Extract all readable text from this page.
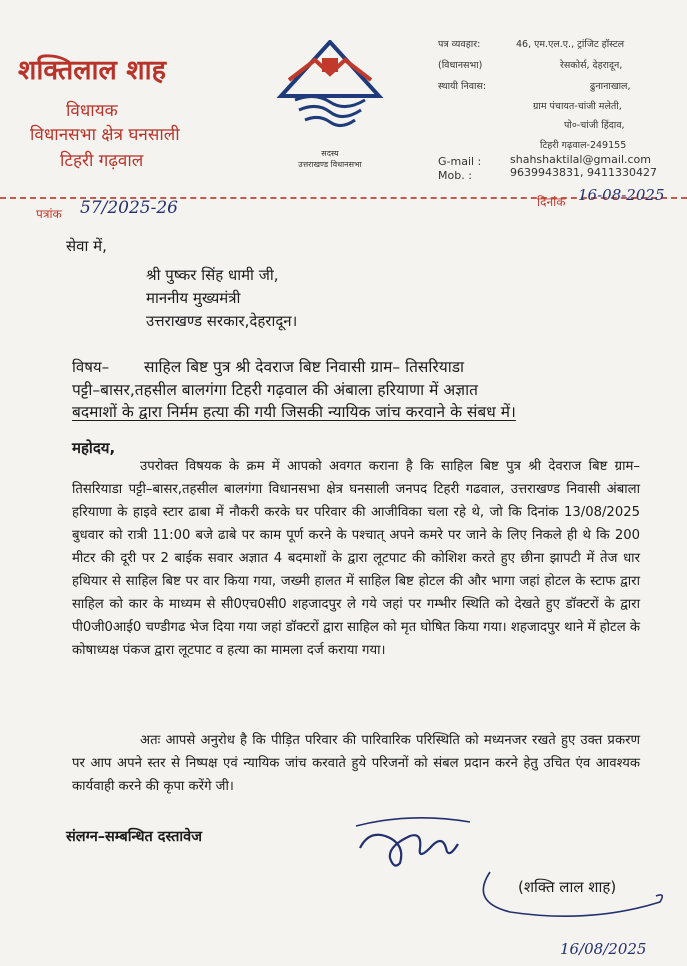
शक्तिलाल शाह
विधायक
विधानसभा क्षेत्र घनसाली
टिहरी गढ़वाल	सदस्य
उत्तराखण्ड विधानसभा
पत्र व्यवहार:	46, एम.एल.ए., ट्रांजिट हॉस्टल
(विधानसभा)	रेसकोर्स, देहरादून,
स्थायी निवास:	ढुनानाखाल,
ग्राम पंचायत-चांजी मलेती,
पो०-चांजी हिंदाव,
टिहरी गढ़वाल-249155
G-mail :	shahshaktilal@gmail.com
Mob. :	9639943831, 9411330427
पत्रांक 57/2025-26	दिनांक 16-08-2025
सेवा में,
श्री पुष्कर सिंह धामी जी,
माननीय मुख्यमंत्री
उत्तराखण्ड सरकार,देहरादून।
विषय– साहिल बिष्ट पुत्र श्री देवराज बिष्ट निवासी ग्राम– तिसरियाडा
पट्टी–बासर,तहसील बालगंगा टिहरी गढ़वाल की अंबाला हरियाणा में अज्ञात
बदमाशों के द्वारा निर्मम हत्या की गयी जिसकी न्यायिक जांच करवाने के संबध में।
महोदय,
उपरोक्त विषयक के क्रम में आपको अवगत कराना है कि साहिल बिष्ट पुत्र श्री देवराज बिष्ट ग्राम– तिसरियाडा पट्टी–बासर,तहसील बालगंगा विधानसभा क्षेत्र घनसाली जनपद टिहरी गढवाल, उत्तराखण्ड निवासी अंबाला हरियाणा के हाइवे स्टार ढाबा में नौकरी करके घर परिवार की आजीविका चला रहे थे, जो कि दिनांक 13/08/2025 बुधवार को रात्री 11:00 बजे ढाबे पर काम पूर्ण करने के पश्चात् अपने कमरे पर जाने के लिए निकले ही थे कि 200 मीटर की दूरी पर 2 बाईक सवार अज्ञात 4 बदमाशों के द्वारा लूटपाट की कोशिश करते हुए छीना झापटी में तेज धार हथियार से साहिल बिष्ट पर वार किया गया, जख्मी हालत में साहिल बिष्ट होटल की और भागा जहां होटल के स्टाफ द्वारा साहिल को कार के माध्यम से सी0एच0सी0 शहजादपुर ले गये जहां पर गम्भीर स्थिति को देखते हुए डॉक्टरों के द्वारा पी0जी0आई0 चण्डीगढ भेज दिया गया जहां डॉक्टरों द्वारा साहिल को मृत घोषित किया गया। शहजादपुर थाने में होटल के कोषाध्यक्ष पंकज द्वारा लूटपाट व हत्या का मामला दर्ज कराया गया।
अतः आपसे अनुरोध है कि पीड़ित परिवार की पारिवारिक परिस्थिति को मध्यनजर रखते हुए उक्त प्रकरण पर आप अपने स्तर से निष्पक्ष एवं न्यायिक जांच करवाते हुये परिजनों को संबल प्रदान करने हेतु उचित एंव आवश्यक कार्यवाही करने की कृपा करेंगे जी।
संलग्न–सम्बन्धित दस्तावेज
(शक्ति लाल शाह)
16/08/2025
